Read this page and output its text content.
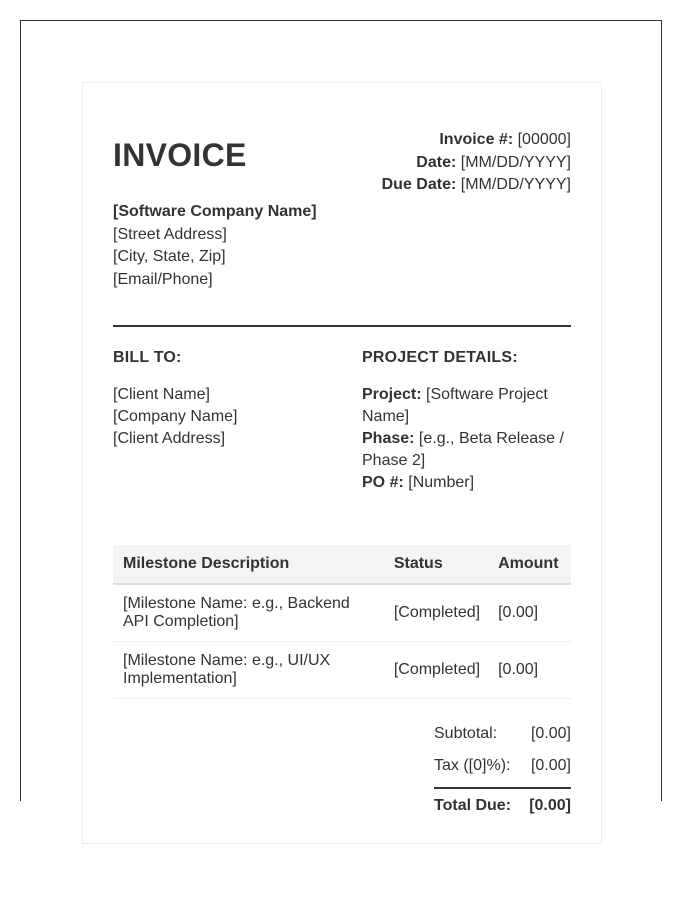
INVOICE	Invoice #: [00000]
Date: [MM/DD/YYYY]
Due Date: [MM/DD/YYYY]
[Software Company Name]
[Street Address]
[City, State, Zip]
[Email/Phone]
BILL TO:
[Client Name]
[Company Name]
[Client Address]
PROJECT DETAILS:
Project: [Software Project Name]
Phase: [e.g., Beta Release / Phase 2]
PO #: [Number]
Milestone Description	Status	Amount
[Milestone Name: e.g., Backend API Completion]	[Completed]	[0.00]
[Milestone Name: e.g., UI/UX Implementation]	[Completed]	[0.00]
Subtotal: [0.00]
Tax ([0]%): [0.00]
Total Due: [0.00]
